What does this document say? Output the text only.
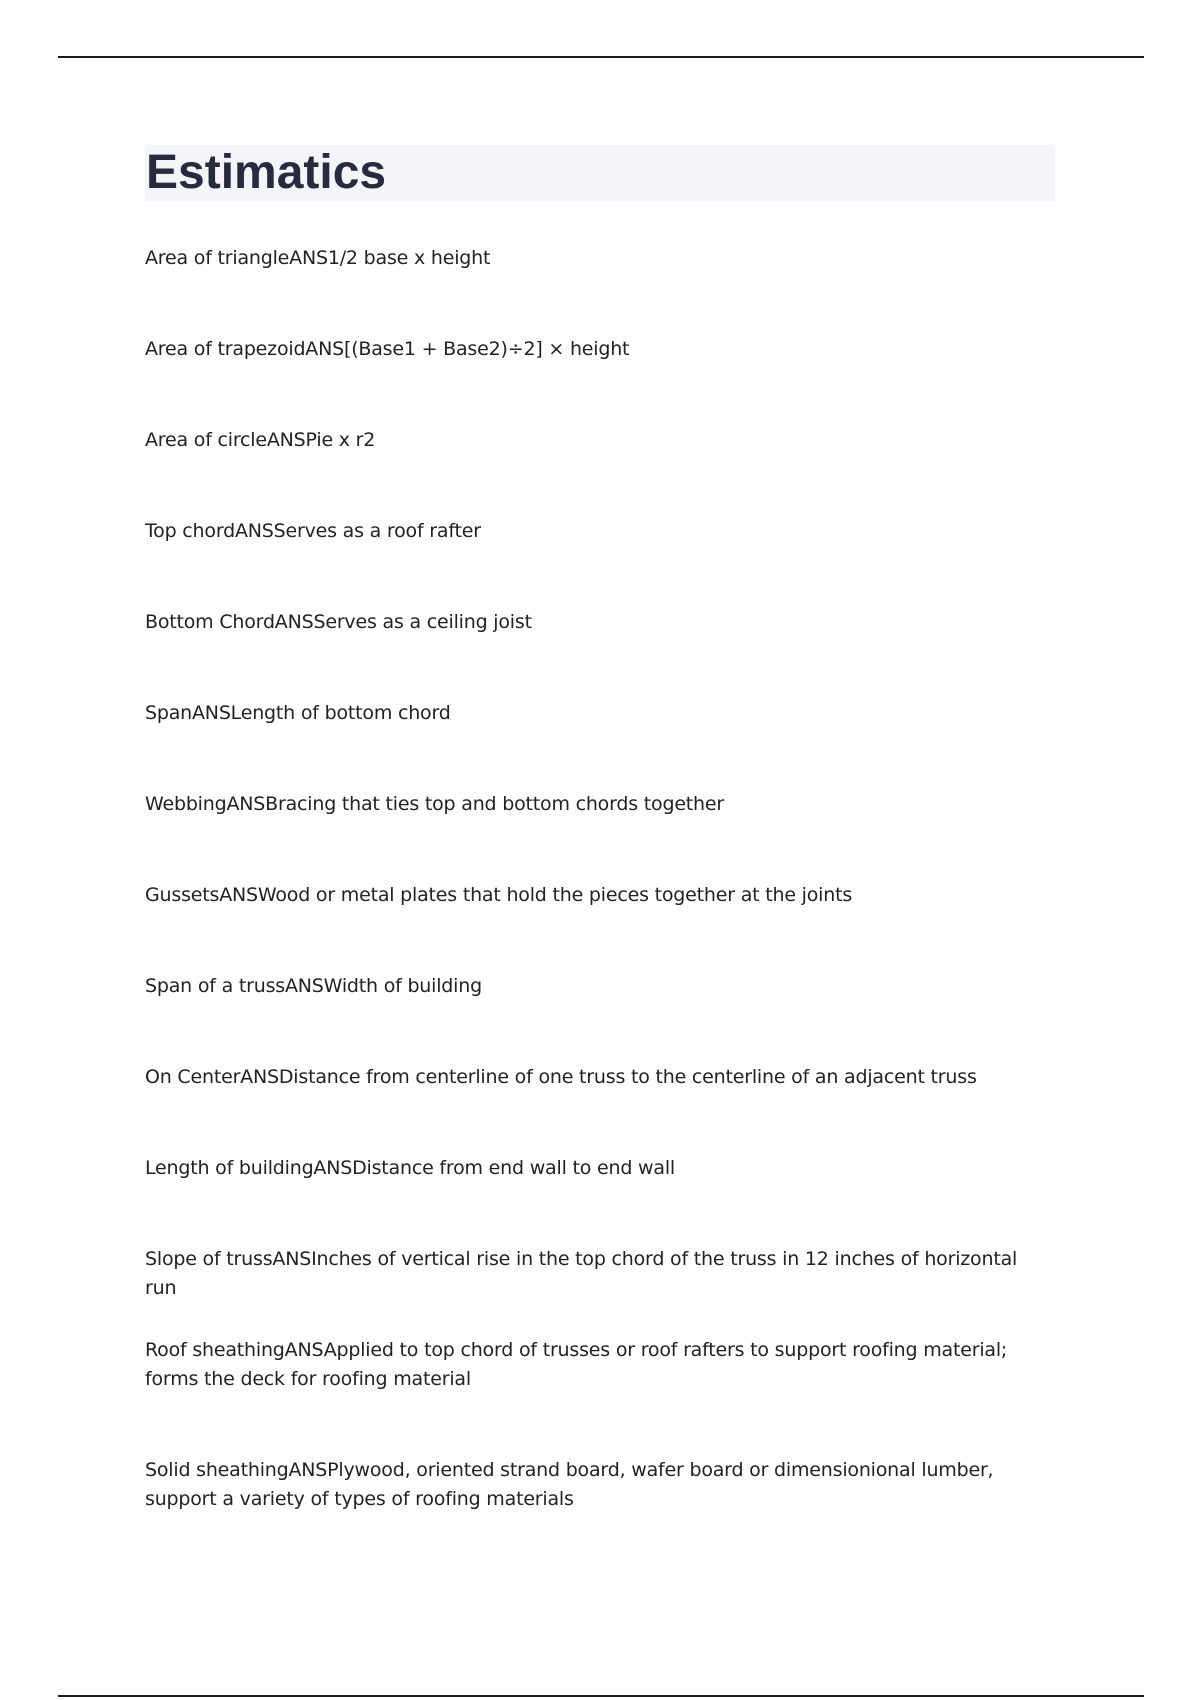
Estimatics
Area of triangleANS1/2 base x height
Area of trapezoidANS[(Base1 + Base2)÷2] × height
Area of circleANSPie x r2
Top chordANSServes as a roof rafter
Bottom ChordANSServes as a ceiling joist
SpanANSLength of bottom chord
WebbingANSBracing that ties top and bottom chords together
GussetsANSWood or metal plates that hold the pieces together at the joints
Span of a trussANSWidth of building
On CenterANSDistance from centerline of one truss to the centerline of an adjacent truss
Length of buildingANSDistance from end wall to end wall
Slope of trussANSInches of vertical rise in the top chord of the truss in 12 inches of horizontal run
Roof sheathingANSApplied to top chord of trusses or roof rafters to support roofing material; forms the deck for roofing material
Solid sheathingANSPlywood, oriented strand board, wafer board or dimensionional lumber, support a variety of types of roofing materials
